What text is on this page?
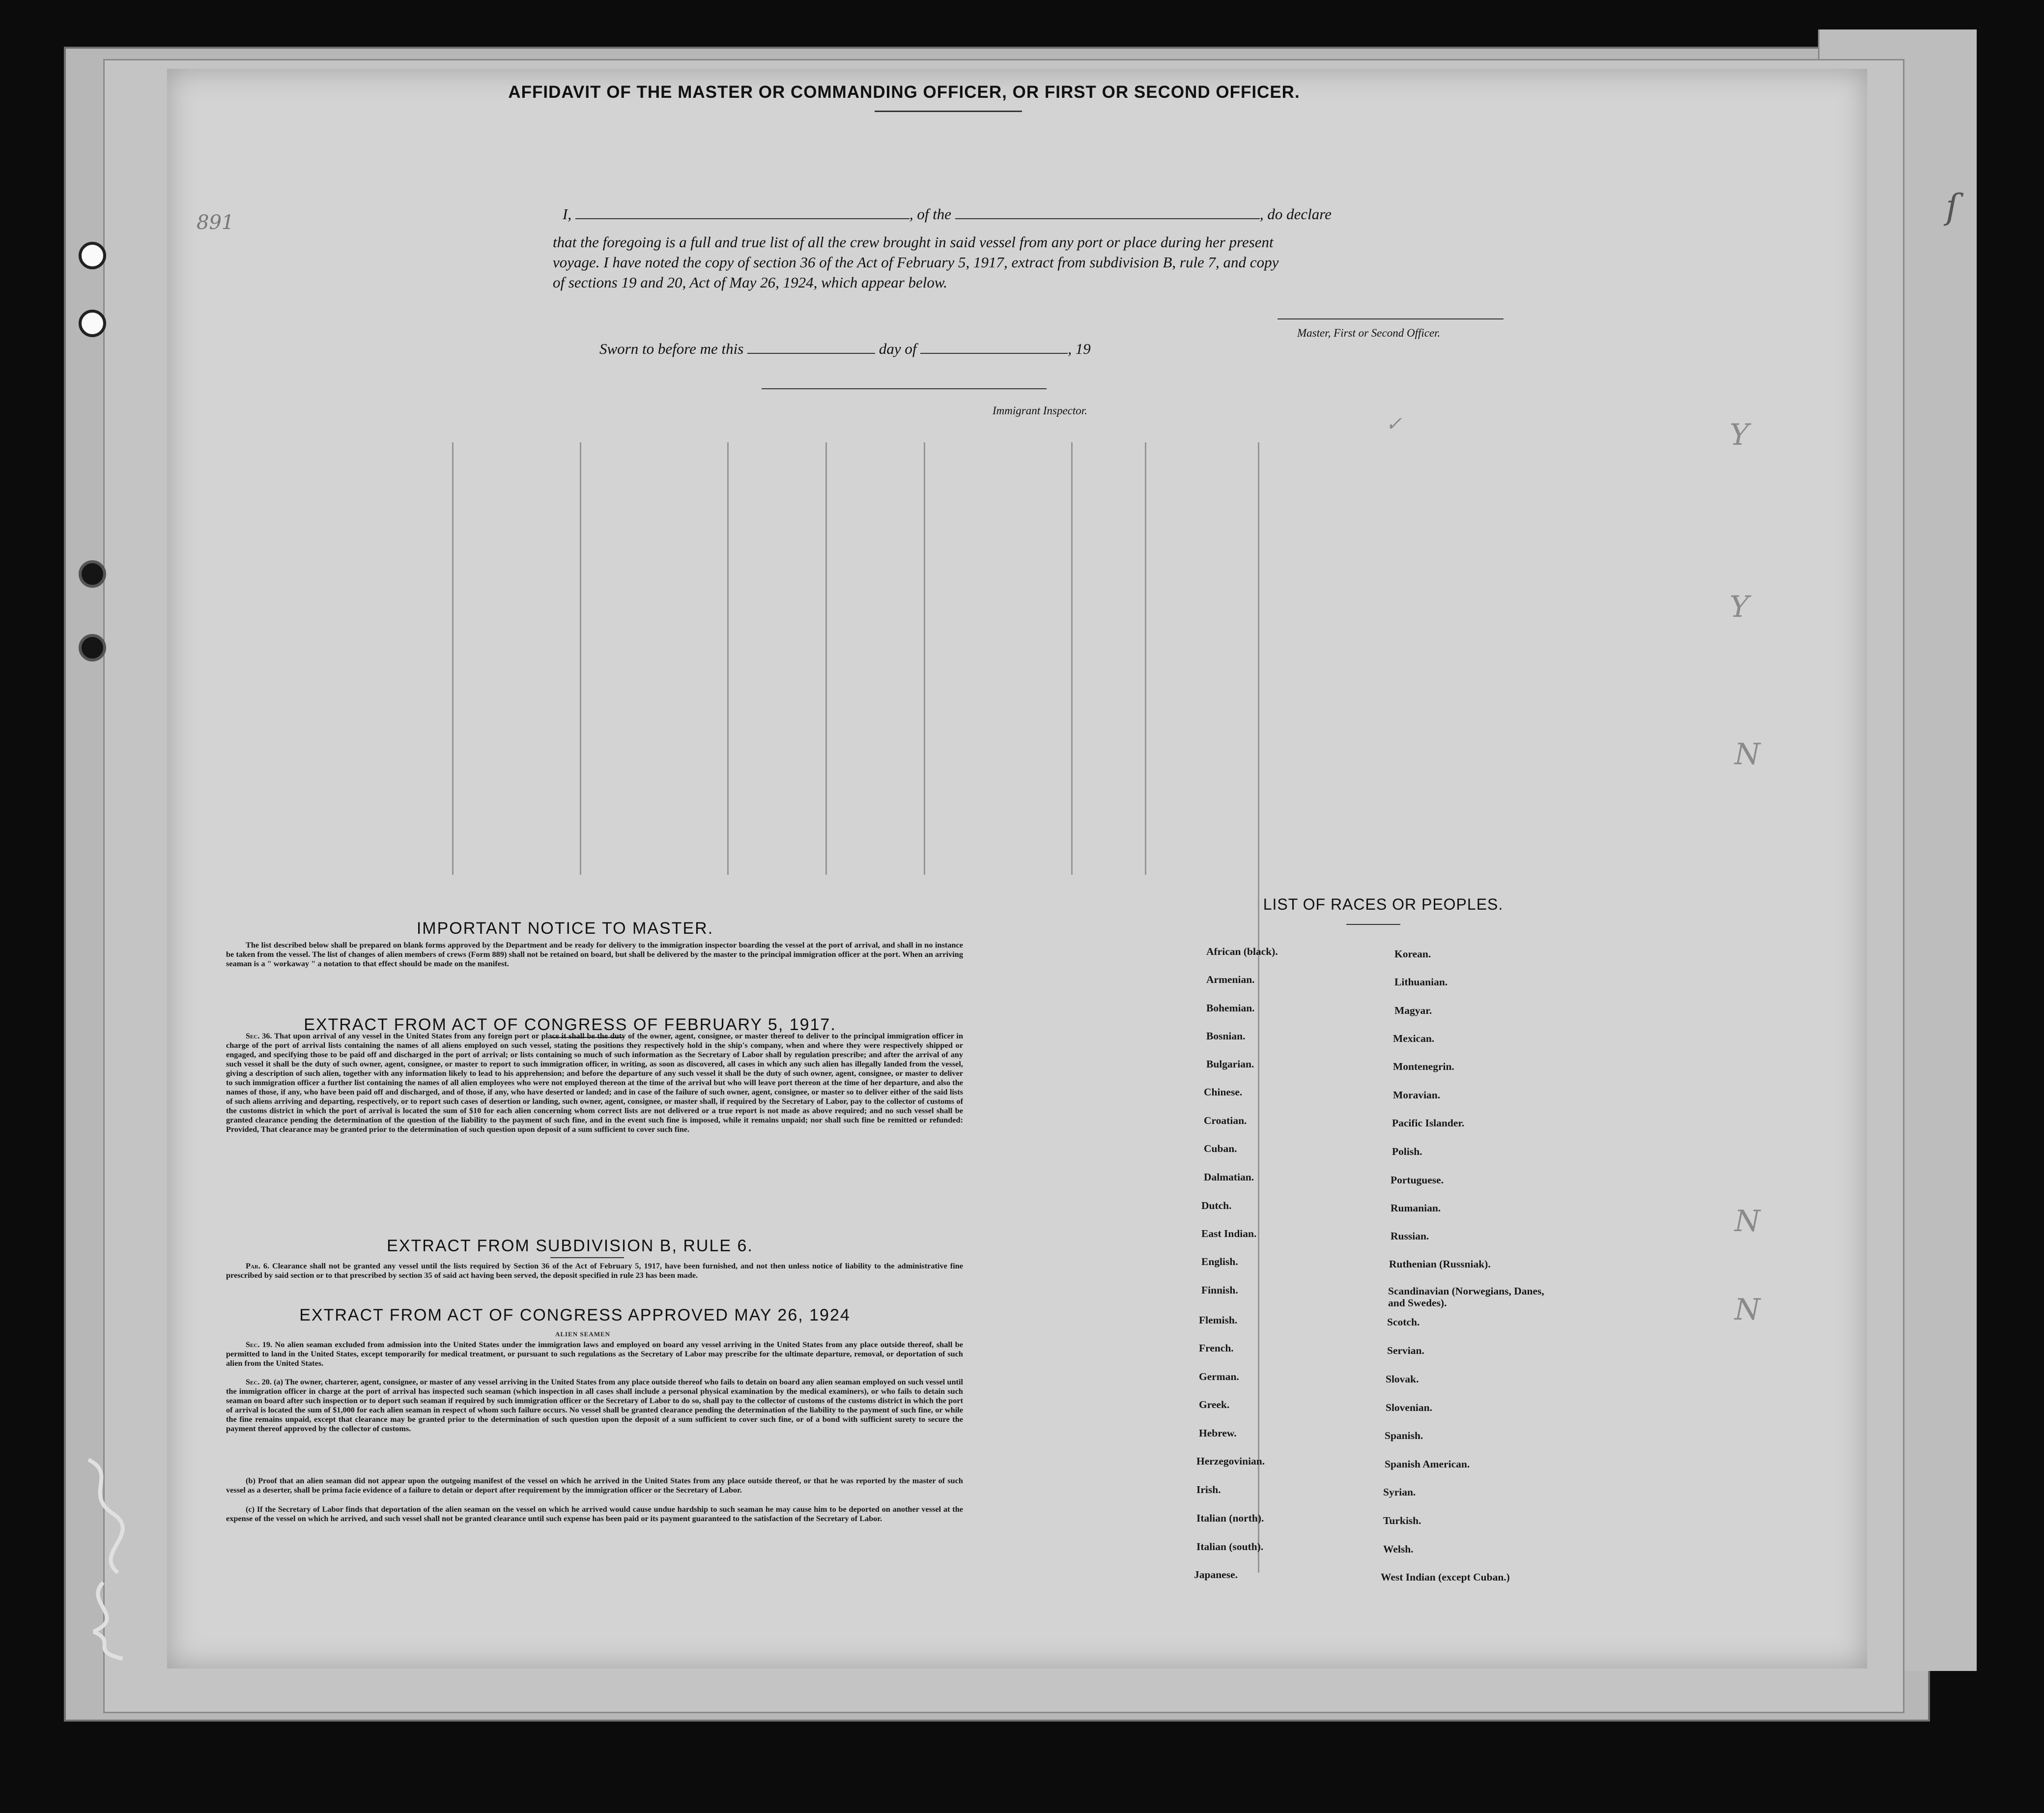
AFFIDAVIT OF THE MASTER OR COMMANDING OFFICER, OR FIRST OR SECOND OFFICER.
I,	, of the	, do declare
that the foregoing is a full and true list of all the crew brought in said vessel from any port or place during her present
voyage. I have noted the copy of section 36 of the Act of February 5, 1917, extract from subdivision B, rule 7, and copy
of sections 19 and 20, Act of May 26, 1924, which appear below.
Master, First or Second Officer.
Sworn to before me this	day of	, 19
Immigrant Inspector.
✓	Y
Y
N
N
N
ſ
891
IMPORTANT NOTICE TO MASTER.
The list described below shall be prepared on blank forms approved by the Department and be ready for delivery to the immigration inspector boarding the vessel at the port of arrival, and shall in no instance be taken from the vessel. The list of changes of alien members of crews (Form 889) shall not be retained on board, but shall be delivered by the master to the principal immigration officer at the port. When an arriving seaman is a " workaway " a notation to that effect should be made on the manifest.
EXTRACT FROM ACT OF CONGRESS OF FEBRUARY 5, 1917.
Sec. 36. That upon arrival of any vessel in the United States from any foreign port or place it shall be the duty of the owner, agent, consignee, or master thereof to deliver to the principal immigration officer in charge of the port of arrival lists containing the names of all aliens employed on such vessel, stating the positions they respectively hold in the ship's company, when and where they were respectively shipped or engaged, and specifying those to be paid off and discharged in the port of arrival; or lists containing so much of such information as the Secretary of Labor shall by regulation prescribe; and after the arrival of any such vessel it shall be the duty of such owner, agent, consignee, or master to report to such immigration officer, in writing, as soon as discovered, all cases in which any such alien has illegally landed from the vessel, giving a description of such alien, together with any information likely to lead to his apprehension; and before the departure of any such vessel it shall be the duty of such owner, agent, consignee, or master to deliver to such immigration officer a further list containing the names of all alien employees who were not employed thereon at the time of the arrival but who will leave port thereon at the time of her departure, and also the names of those, if any, who have been paid off and discharged, and of those, if any, who have deserted or landed; and in case of the failure of such owner, agent, consignee, or master so to deliver either of the said lists of such aliens arriving and departing, respectively, or to report such cases of desertion or landing, such owner, agent, consignee, or master shall, if required by the Secretary of Labor, pay to the collector of customs of the customs district in which the port of arrival is located the sum of $10 for each alien concerning whom correct lists are not delivered or a true report is not made as above required; and no such vessel shall be granted clearance pending the determination of the question of the liability to the payment of such fine, and in the event such fine is imposed, while it remains unpaid; nor shall such fine be remitted or refunded: Provided, That clearance may be granted prior to the determination of such question upon deposit of a sum sufficient to cover such fine.
EXTRACT FROM SUBDIVISION B, RULE 6.
Par. 6. Clearance shall not be granted any vessel until the lists required by Section 36 of the Act of February 5, 1917, have been furnished, and not then unless notice of liability to the administrative fine prescribed by said section or to that prescribed by section 35 of said act having been served, the deposit specified in rule 23 has been made.
EXTRACT FROM ACT OF CONGRESS APPROVED MAY 26, 1924
ALIEN SEAMEN
Sec. 19. No alien seaman excluded from admission into the United States under the immigration laws and employed on board any vessel arriving in the United States from any place outside thereof, shall be permitted to land in the United States, except temporarily for medical treatment, or pursuant to such regulations as the Secretary of Labor may prescribe for the ultimate departure, removal, or deportation of such alien from the United States.
Sec. 20. (a) The owner, charterer, agent, consignee, or master of any vessel arriving in the United States from any place outside thereof who fails to detain on board any alien seaman employed on such vessel until the immigration officer in charge at the port of arrival has inspected such seaman (which inspection in all cases shall include a personal physical examination by the medical examiners), or who fails to detain such seaman on board after such inspection or to deport such seaman if required by such immigration officer or the Secretary of Labor to do so, shall pay to the collector of customs of the customs district in which the port of arrival is located the sum of $1,000 for each alien seaman in respect of whom such failure occurs. No vessel shall be granted clearance pending the determination of the liability to the payment of such fine, or while the fine remains unpaid, except that clearance may be granted prior to the determination of such question upon the deposit of a sum sufficient to cover such fine, or of a bond with sufficient surety to secure the payment thereof approved by the collector of customs.
(b) Proof that an alien seaman did not appear upon the outgoing manifest of the vessel on which he arrived in the United States from any place outside thereof, or that he was reported by the master of such vessel as a deserter, shall be prima facie evidence of a failure to detain or deport after requirement by the immigration officer or the Secretary of Labor.
(c) If the Secretary of Labor finds that deportation of the alien seaman on the vessel on which he arrived would cause undue hardship to such seaman he may cause him to be deported on another vessel at the expense of the vessel on which he arrived, and such vessel shall not be granted clearance until such expense has been paid or its payment guaranteed to the satisfaction of the Secretary of Labor.
LIST OF RACES OR PEOPLES.
African (black).
Armenian.
Bohemian.
Bosnian.
Bulgarian.
Chinese.
Croatian.
Cuban.
Dalmatian.
Dutch.
East Indian.
English.
Finnish.
Flemish.
French.
German.
Greek.
Hebrew.
Herzegovinian.
Irish.
Italian (north).
Italian (south).
Japanese.
Korean.
Lithuanian.
Magyar.
Mexican.
Montenegrin.
Moravian.
Pacific Islander.
Polish.
Portuguese.
Rumanian.
Russian.
Ruthenian (Russniak).
Scandinavian (Norwegians, Danes, and Swedes).
Scotch.
Servian.
Slovak.
Slovenian.
Spanish.
Spanish American.
Syrian.
Turkish.
Welsh.
West Indian (except Cuban.)
